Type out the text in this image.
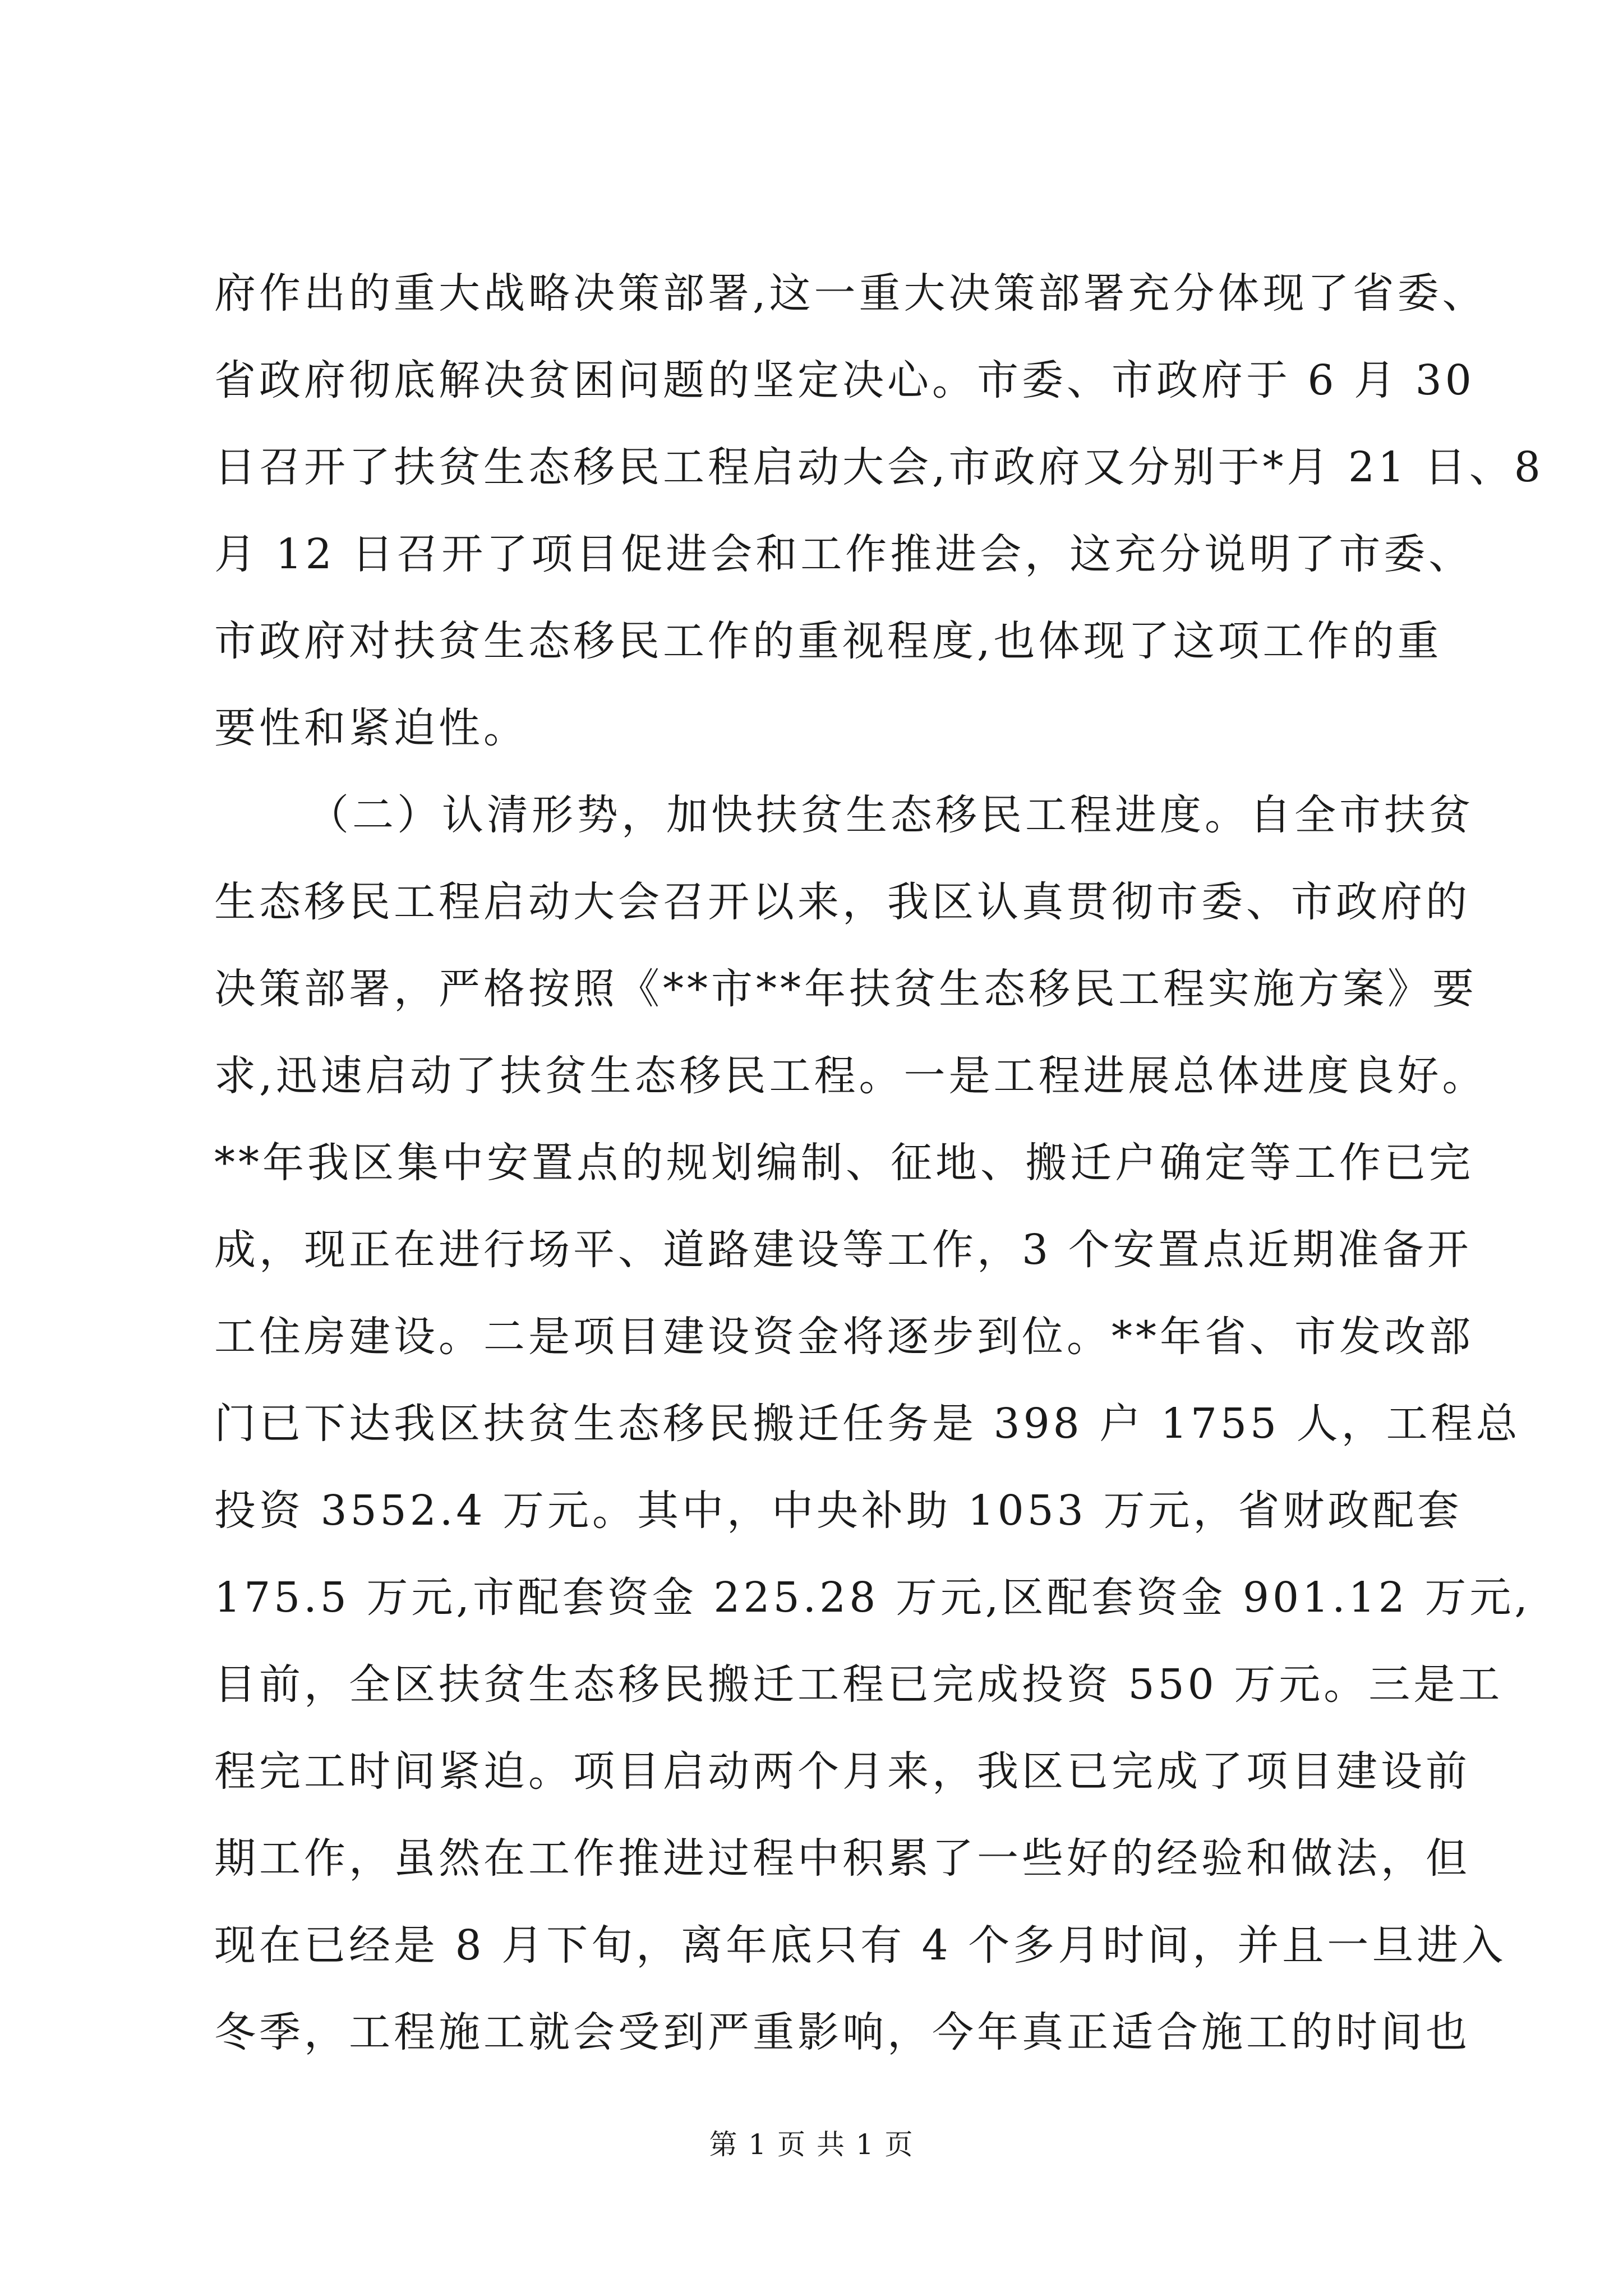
府作出的重大战略决策部署,这一重大决策部署充分体现了省委、
省政府彻底解决贫困问题的坚定决心。市委、市政府于 6 月 30
日召开了扶贫生态移民工程启动大会,市政府又分别于*月 21 日、8
月 12 日召开了项目促进会和工作推进会，这充分说明了市委、
市政府对扶贫生态移民工作的重视程度,也体现了这项工作的重
要性和紧迫性。
（二）认清形势，加快扶贫生态移民工程进度。自全市扶贫
生态移民工程启动大会召开以来，我区认真贯彻市委、市政府的
决策部署，严格按照《**市**年扶贫生态移民工程实施方案》要
求,迅速启动了扶贫生态移民工程。一是工程进展总体进度良好。
**年我区集中安置点的规划编制、征地、搬迁户确定等工作已完
成，现正在进行场平、道路建设等工作，3 个安置点近期准备开
工住房建设。二是项目建设资金将逐步到位。**年省、市发改部
门已下达我区扶贫生态移民搬迁任务是 398 户 1755 人，工程总
投资 3552.4 万元。其中，中央补助 1053 万元，省财政配套
175.5 万元,市配套资金 225.28 万元,区配套资金 901.12 万元,
目前，全区扶贫生态移民搬迁工程已完成投资 550 万元。三是工
程完工时间紧迫。项目启动两个月来，我区已完成了项目建设前
期工作，虽然在工作推进过程中积累了一些好的经验和做法，但
现在已经是 8 月下旬，离年底只有 4 个多月时间，并且一旦进入
冬季，工程施工就会受到严重影响，今年真正适合施工的时间也
第 1 页 共 1 页
